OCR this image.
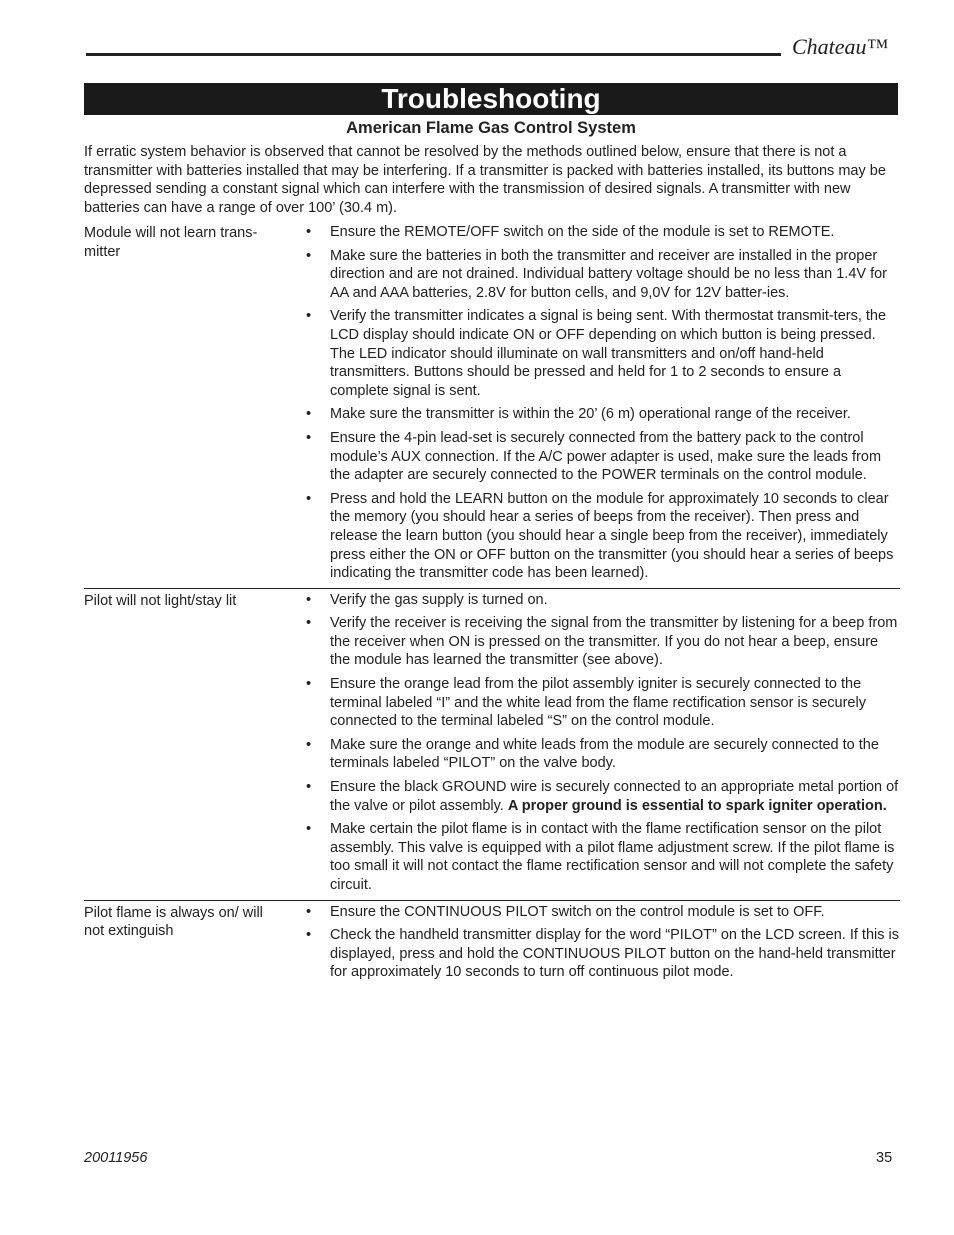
Chateau™
Troubleshooting
American Flame Gas Control System
If erratic system behavior is observed that cannot be resolved by the methods outlined below, ensure that there is not a transmitter with batteries installed that may be interfering. If a transmitter is packed with batteries installed, its buttons may be depressed sending a constant signal which can interfere with the transmission of desired signals. A transmitter with new batteries can have a range of over 100’ (30.4 m).
Module will not learn trans-mitter
•	Ensure the REMOTE/OFF switch on the side of the module is set to REMOTE.
•	Make sure the batteries in both the transmitter and receiver are installed in the proper direction and are not drained. Individual battery voltage should be no less than 1.4V for AA and AAA batteries, 2.8V for button cells, and 9,0V for 12V batter-ies.
•	Verify the transmitter indicates a signal is being sent. With thermostat transmit-ters, the LCD display should indicate ON or OFF depending on which button is being pressed. The LED indicator should illuminate on wall transmitters and on/off hand-held transmitters. Buttons should be pressed and held for 1 to 2 seconds to ensure a complete signal is sent.
•	Make sure the transmitter is within the 20’ (6 m) operational range of the receiver.
•	Ensure the 4-pin lead-set is securely connected from the battery pack to the control module’s AUX connection. If the A/C power adapter is used, make sure the leads from the adapter are securely connected to the POWER terminals on the control module.
•	Press and hold the LEARN button on the module for approximately 10 seconds to clear the memory (you should hear a series of beeps from the receiver). Then press and release the learn button (you should hear a single beep from the receiver), immediately press either the ON or OFF button on the transmitter (you should hear a series of beeps indicating the transmitter code has been learned).
Pilot will not light/stay lit	•	Verify the gas supply is turned on.
•	Verify the receiver is receiving the signal from the transmitter by listening for a beep from the receiver when ON is pressed on the transmitter. If you do not hear a beep, ensure the module has learned the transmitter (see above).
•	Ensure the orange lead from the pilot assembly igniter is securely connected to the terminal labeled “I” and the white lead from the flame rectification sensor is securely connected to the terminal labeled “S” on the control module.
•	Make sure the orange and white leads from the module are securely connected to the terminals labeled “PILOT” on the valve body.
•	Ensure the black GROUND wire is securely connected to an appropriate metal portion of the valve or pilot assembly. A proper ground is essential to spark igniter operation.
•	Make certain the pilot flame is in contact with the flame rectification sensor on the pilot assembly. This valve is equipped with a pilot flame adjustment screw. If the pilot flame is too small it will not contact the flame rectification sensor and will not complete the safety circuit.
Pilot flame is always on/ will not extinguish
•	Ensure the CONTINUOUS PILOT switch on the control module is set to OFF.
•	Check the handheld transmitter display for the word “PILOT” on the LCD screen. If this is displayed, press and hold the CONTINUOUS PILOT button on the hand-held transmitter for approximately 10 seconds to turn off continuous pilot mode.
20011956	35
